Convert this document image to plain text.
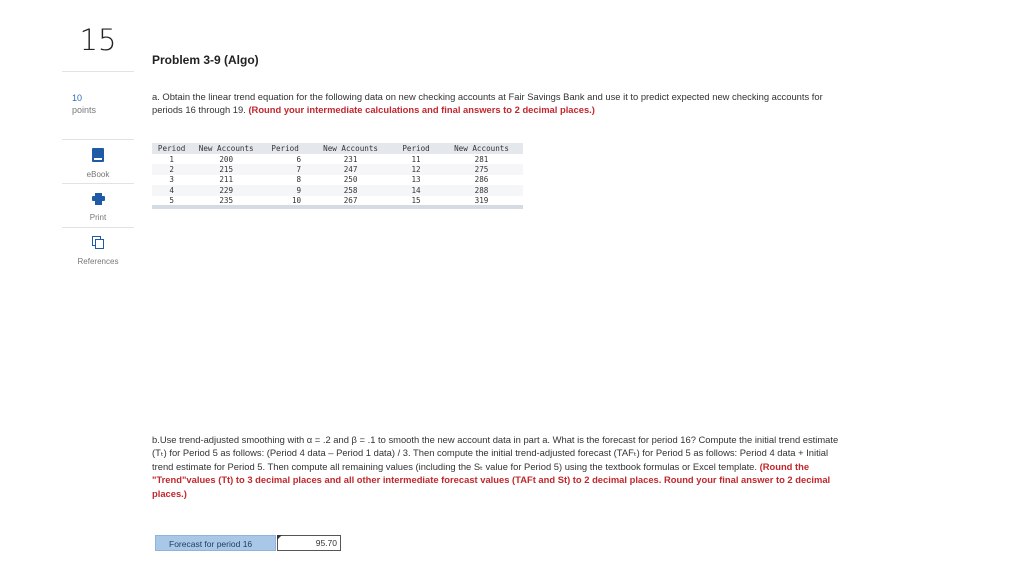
15
10
points
eBook
Print
References
Problem 3-9 (Algo)
a. Obtain the linear trend equation for the following data on new checking accounts at Fair Savings Bank and use it to predict expected new checking accounts for periods 16 through 19. (Round your intermediate calculations and final answers to 2 decimal places.)
Period	New Accounts	Period	New Accounts	Period	New Accounts
1	200	6	231	11	281
2	215	7	247	12	275
3	211	8	250	13	286
4	229	9	258	14	288
5	235	10	267	15	319
b.Use trend-adjusted smoothing with α = .2 and β = .1 to smooth the new account data in part a. What is the forecast for period 16? Compute the initial trend estimate (Tₜ) for Period 5 as follows: (Period 4 data – Period 1 data) / 3. Then compute the initial trend-adjusted forecast (TAFₜ) for Period 5 as follows: Period 4 data + Initial trend estimate for Period 5. Then compute all remaining values (including the Sₜ value for Period 5) using the textbook formulas or Excel template. (Round the "Trend"values (Tt) to 3 decimal places and all other intermediate forecast values (TAFt and St) to 2 decimal places. Round your final answer to 2 decimal places.)
Forecast for period 16	95.70
